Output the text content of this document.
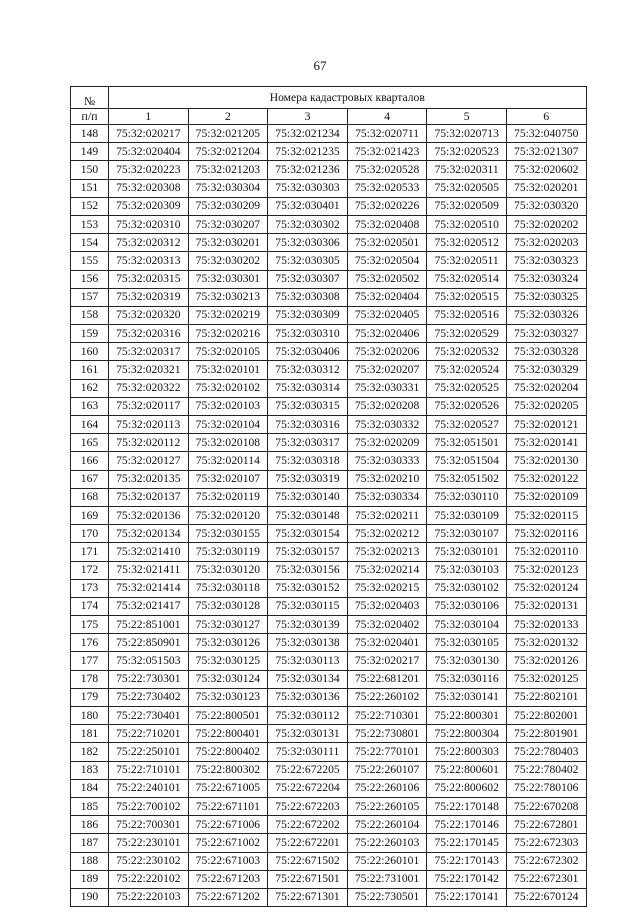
67
№	Номера кадастровых кварталов					
п/п	1	2	3	4	5	6
148	75:32:020217	75:32:021205	75:32:021234	75:32:020711	75:32:020713	75:32:040750
149	75:32:020404	75:32:021204	75:32:021235	75:32:021423	75:32:020523	75:32:021307
150	75:32:020223	75:32:021203	75:32:021236	75:32:020528	75:32:020311	75:32:020602
151	75:32:020308	75:32:030304	75:32:030303	75:32:020533	75:32:020505	75:32:020201
152	75:32:020309	75:32:030209	75:32:030401	75:32:020226	75:32:020509	75:32:030320
153	75:32:020310	75:32:030207	75:32:030302	75:32:020408	75:32:020510	75:32:020202
154	75:32:020312	75:32:030201	75:32:030306	75:32:020501	75:32:020512	75:32:020203
155	75:32:020313	75:32:030202	75:32:030305	75:32:020504	75:32:020511	75:32:030323
156	75:32:020315	75:32:030301	75:32:030307	75:32:020502	75:32:020514	75:32:030324
157	75:32:020319	75:32:030213	75:32:030308	75:32:020404	75:32:020515	75:32:030325
158	75:32:020320	75:32:020219	75:32:030309	75:32:020405	75:32:020516	75:32:030326
159	75:32:020316	75:32:020216	75:32:030310	75:32:020406	75:32:020529	75:32:030327
160	75:32:020317	75:32:020105	75:32:030406	75:32:020206	75:32:020532	75:32:030328
161	75:32:020321	75:32:020101	75:32:030312	75:32:020207	75:32:020524	75:32:030329
162	75:32:020322	75:32:020102	75:32:030314	75:32:030331	75:32:020525	75:32:020204
163	75:32:020117	75:32:020103	75:32:030315	75:32:020208	75:32:020526	75:32:020205
164	75:32:020113	75:32:020104	75:32:030316	75:32:030332	75:32:020527	75:32:020121
165	75:32:020112	75:32:020108	75:32:030317	75:32:020209	75:32:051501	75:32:020141
166	75:32:020127	75:32:020114	75:32:030318	75:32:030333	75:32:051504	75:32:020130
167	75:32:020135	75:32:020107	75:32:030319	75:32:020210	75:32:051502	75:32:020122
168	75:32:020137	75:32:020119	75:32:030140	75:32:030334	75:32:030110	75:32:020109
169	75:32:020136	75:32:020120	75:32:030148	75:32:020211	75:32:030109	75:32:020115
170	75:32:020134	75:32:030155	75:32:030154	75:32:020212	75:32:030107	75:32:020116
171	75:32:021410	75:32:030119	75:32:030157	75:32:020213	75:32:030101	75:32:020110
172	75:32:021411	75:32:030120	75:32:030156	75:32:020214	75:32:030103	75:32:020123
173	75:32:021414	75:32:030118	75:32:030152	75:32:020215	75:32:030102	75:32:020124
174	75:32:021417	75:32:030128	75:32:030115	75:32:020403	75:32:030106	75:32:020131
175	75:22:851001	75:32:030127	75:32:030139	75:32:020402	75:32:030104	75:32:020133
176	75:22:850901	75:32:030126	75:32:030138	75:32:020401	75:32:030105	75:32:020132
177	75:32:051503	75:32:030125	75:32:030113	75:32:020217	75:32:030130	75:32:020126
178	75:22:730301	75:32:030124	75:32:030134	75:22:681201	75:32:030116	75:32:020125
179	75:22:730402	75:32:030123	75:32:030136	75:22:260102	75:32:030141	75:22:802101
180	75:22:730401	75:22:800501	75:32:030112	75:22:710301	75:22:800301	75:22:802001
181	75:22:710201	75:22:800401	75:32:030131	75:22:730801	75:22:800304	75:22:801901
182	75:22:250101	75:22:800402	75:32:030111	75:22:770101	75:22:800303	75:22:780403
183	75:22:710101	75:22:800302	75:22:672205	75:22:260107	75:22:800601	75:22:780402
184	75:22:240101	75:22:671005	75:22:672204	75:22:260106	75:22:800602	75:22:780106
185	75:22:700102	75:22:671101	75:22:672203	75:22:260105	75:22:170148	75:22:670208
186	75:22:700301	75:22:671006	75:22:672202	75:22:260104	75:22:170146	75:22:672801
187	75:22:230101	75:22:671002	75:22:672201	75:22:260103	75:22:170145	75:22:672303
188	75:22:230102	75:22:671003	75:22:671502	75:22:260101	75:22:170143	75:22:672302
189	75:22:220102	75:22:671203	75:22:671501	75:22:731001	75:22:170142	75:22:672301
190	75:22:220103	75:22:671202	75:22:671301	75:22:730501	75:22:170141	75:22:670124
